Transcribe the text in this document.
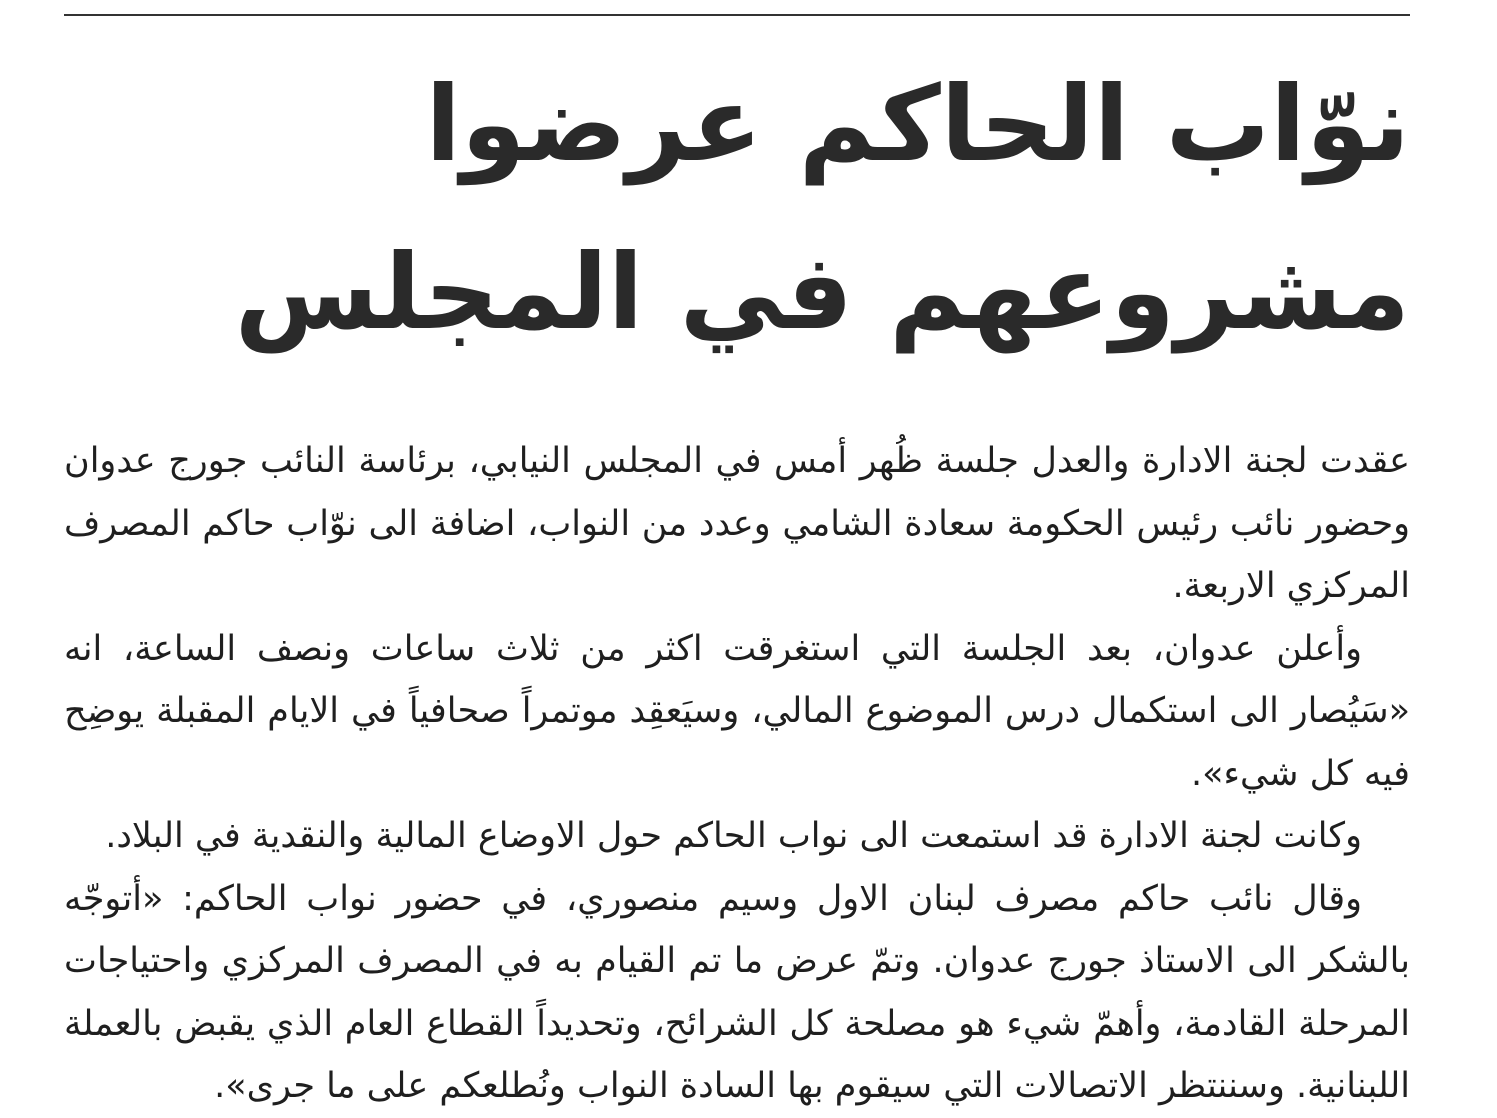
نوّاب الحاكم عرضوا مشروعهم في المجلس

عقدت لجنة الادارة والعدل جلسة ظُهر أمس في المجلس النيابي، برئاسة النائب جورج عدوان وحضور نائب رئيس الحكومة سعادة الشامي وعدد من النواب، اضافة الى نوّاب حاكم المصرف المركزي الاربعة.

وأعلن عدوان، بعد الجلسة التي استغرقت اكثر من ثلاث ساعات ونصف الساعة، انه «سَيُصار الى استكمال درس الموضوع المالي، وسيَعقِد موتمراً صحافياً في الايام المقبلة يوضِح فيه كل شيء».

وكانت لجنة الادارة قد استمعت الى نواب الحاكم حول الاوضاع المالية والنقدية في البلاد.

وقال نائب حاكم مصرف لبنان الاول وسيم منصوري، في حضور نواب الحاكم: «أتوجّه بالشكر الى الاستاذ جورج عدوان. وتمّ عرض ما تم القيام به في المصرف المركزي واحتياجات المرحلة القادمة، وأهمّ شيء هو مصلحة كل الشرائح، وتحديداً القطاع العام الذي يقبض بالعملة اللبنانية. وسننتظر الاتصالات التي سيقوم بها السادة النواب ونُطلعكم على ما جرى».
